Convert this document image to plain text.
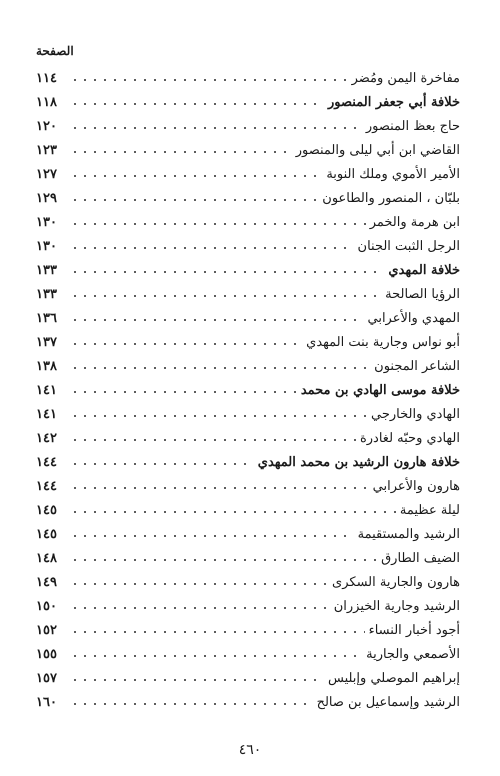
الصفحة
مفاخرة اليمن ومُضر
١١٤
خلافة أبي جعفر المنصور
١١٨
حاج بعظ المنصور
١٢٠
القاضي ابن أبي ليلى والمنصور
١٢٣
الأمير الأموي وملك النوبة
١٢٧
بلبّان ، المنصور والطاعون
١٢٩
ابن هرمة والخمر
١٣٠
الرجل الثبت الجنان
١٣٠
خلافة المهدي
١٣٣
الرؤيا الصالحة
١٣٣
المهدي والأعرابي
١٣٦
أبو نواس وجارية بنت المهدي
١٣٧
الشاعر المجنون
١٣٨
خلافة موسى الهادي بن محمد
١٤١
الهادي والخارجي
١٤١
الهادي وحبّه لغادرة
١٤٢
خلافة هارون الرشيد بن محمد المهدي
١٤٤
هارون والأعرابي
١٤٤
ليلة عظيمة
١٤٥
الرشيد والمستقيمة
١٤٥
الضيف الطارق
١٤٨
هارون والجارية السكرى
١٤٩
الرشيد وجارية الخيزران
١٥٠
أجود أخبار النساء
١٥٢
الأصمعي والجارية
١٥٥
إبراهيم الموصلي وإبليس
١٥٧
الرشيد وإسماعيل بن صالح
١٦٠
٤٦٠
